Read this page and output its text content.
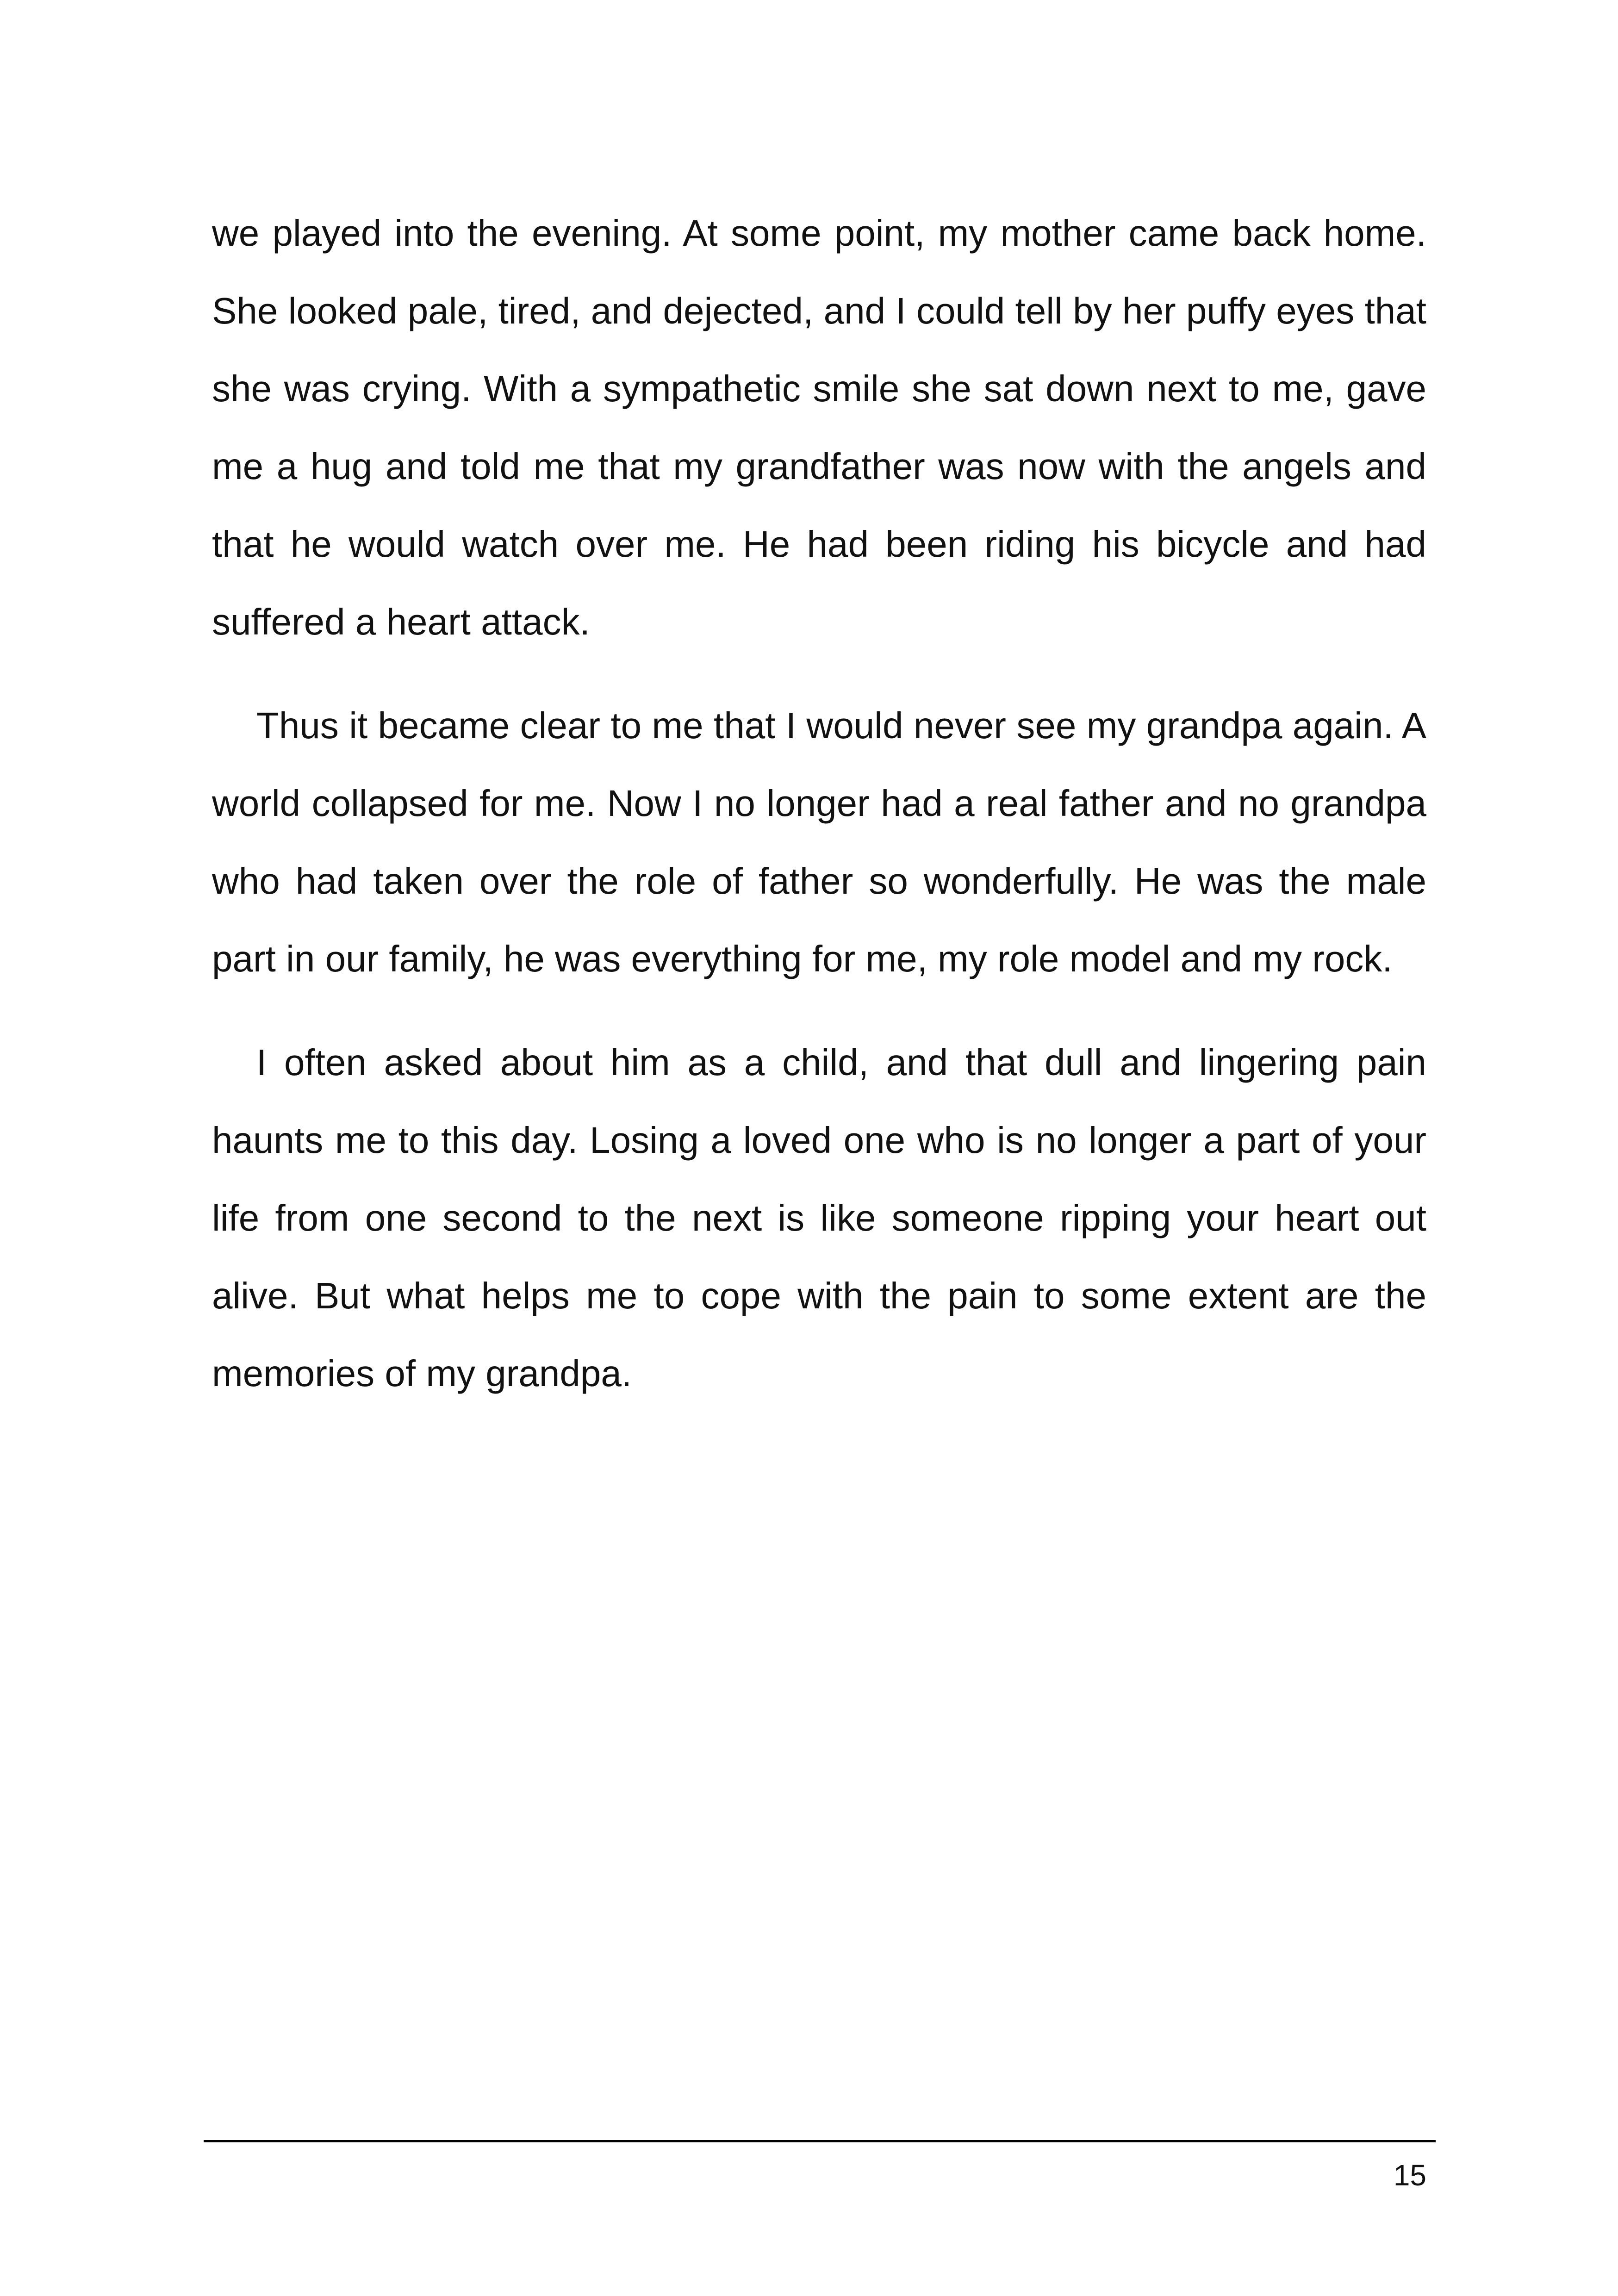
we played into the evening. At some point, my mother came back home. She looked pale, tired, and dejected, and I could tell by her puffy eyes that she was crying. With a sympathetic smile she sat down next to me, gave me a hug and told me that my grandfather was now with the angels and that he would watch over me. He had been riding his bicycle and had suffered a heart attack.

Thus it became clear to me that I would never see my grandpa again. A world collapsed for me. Now I no longer had a real father and no grandpa who had taken over the role of father so wonderfully. He was the male part in our family, he was everything for me, my role model and my rock.

I often asked about him as a child, and that dull and lingering pain haunts me to this day. Losing a loved one who is no longer a part of your life from one second to the next is like someone ripping your heart out alive. But what helps me to cope with the pain to some extent are the memories of my grandpa.

15
